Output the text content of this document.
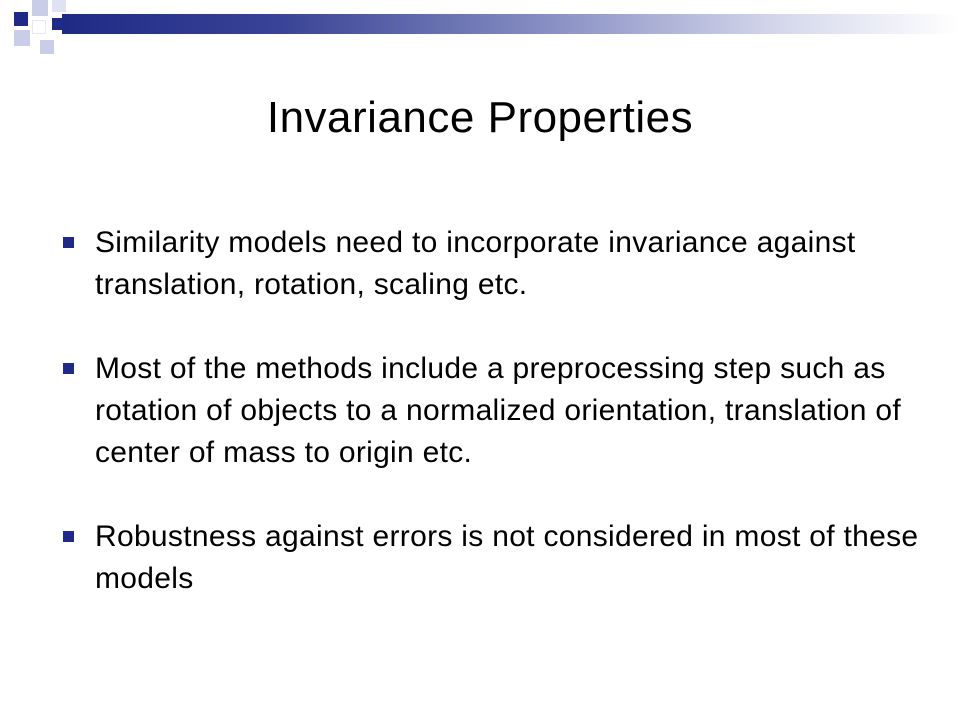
Invariance Properties
Similarity models need to incorporate invariance against translation, rotation, scaling etc.
Most of the methods include a preprocessing step such as rotation of objects to a normalized orientation, translation of center of mass to origin etc.
Robustness against errors is not considered in most of these models
